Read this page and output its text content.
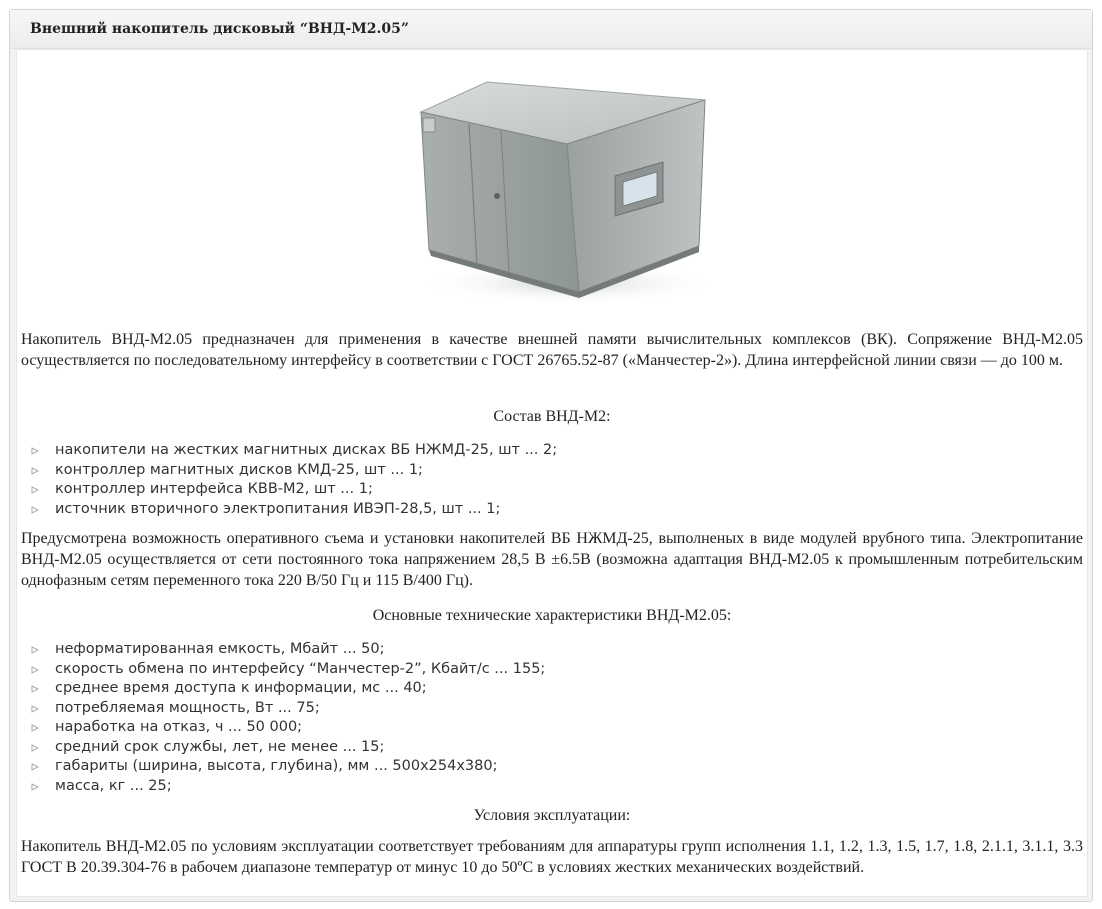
Внешний накопитель дисковый “ВНД-М2.05”

Накопитель ВНД-М2.05 предназначен для применения в качестве внешней памяти вычислительных комплексов (ВК). Сопряжение ВНД-М2.05 осуществляется по последовательному интерфейсу в соответствии с ГОСТ 26765.52-87 («Манчестер-2»). Длина интерфейсной линии связи — до 100 м.

Состав ВНД-М2:

накопители на жестких магнитных дисках ВБ НЖМД-25, шт ... 2;
контроллер магнитных дисков КМД-25, шт ... 1;
контроллер интерфейса КВВ-М2, шт ... 1;
источник вторичного электропитания ИВЭП-28,5, шт ... 1;

Предусмотрена возможность оперативного съема и установки накопителей ВБ НЖМД-25, выполненых в виде модулей врубного типа. Электропитание ВНД-М2.05 осуществляется от сети постоянного тока напряжением 28,5 В ±6.5В (возможна адаптация ВНД-М2.05 к промышленным потребительским однофазным сетям переменного тока 220 В/50 Гц и 115 В/400 Гц).

Основные технические характеристики ВНД-М2.05:

неформатированная емкость, Мбайт ... 50;
скорость обмена по интерфейсу “Манчестер-2”, Кбайт/с ... 155;
среднее время доступа к информации, мс ... 40;
потребляемая мощность, Вт ... 75;
наработка на отказ, ч ... 50 000;
средний срок службы, лет, не менее ... 15;
габариты (ширина, высота, глубина), мм ... 500х254х380;
масса, кг ... 25;

Условия эксплуатации:

Накопитель ВНД-М2.05 по условиям эксплуатации соответствует требованиям для аппаратуры групп исполнения 1.1, 1.2, 1.3, 1.5, 1.7, 1.8, 2.1.1, 3.1.1, 3.3 ГОСТ В 20.39.304-76 в рабочем диапазоне температур от минус 10 до 50ºС в условиях жестких механических воздействий.
